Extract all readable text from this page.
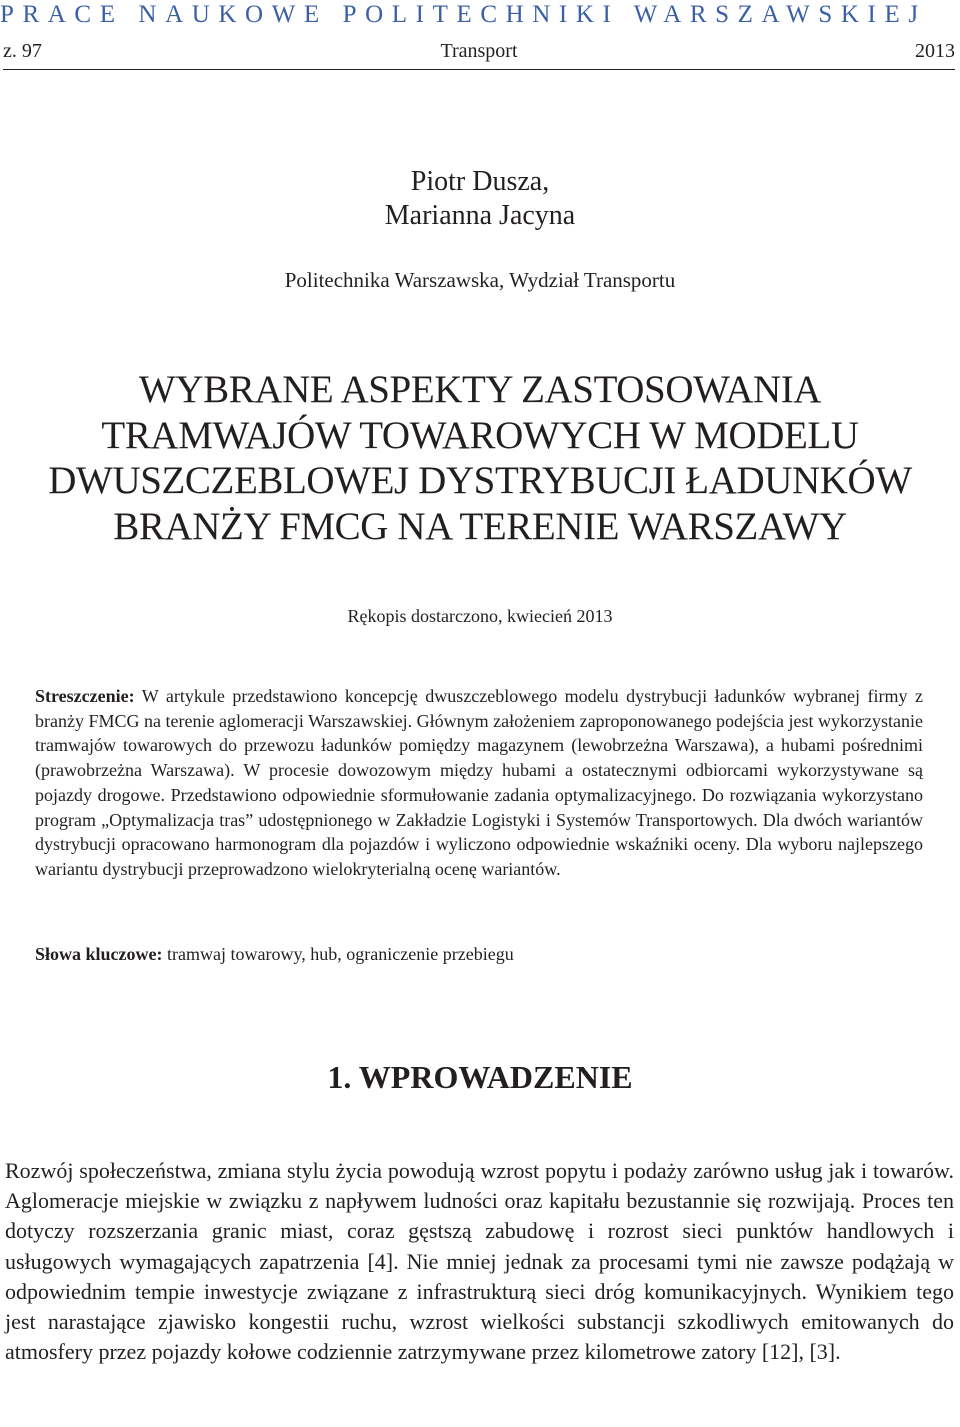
PRACE NAUKOWE POLITECHNIKI WARSZAWSKIEJ
z. 97	Transport	2013
Piotr Dusza,
Marianna Jacyna
Politechnika Warszawska, Wydział Transportu
WYBRANE ASPEKTY ZASTOSOWANIA
TRAMWAJÓW TOWAROWYCH W MODELU
DWUSZCZEBLOWEJ DYSTRYBUCJI ŁADUNKÓW
BRANŻY FMCG NA TERENIE WARSZAWY
Rękopis dostarczono, kwiecień 2013
Streszczenie: W artykule przedstawiono koncepcję dwuszczeblowego modelu dystrybucji ładunków wybranej firmy z branży FMCG na terenie aglomeracji Warszawskiej. Głównym założeniem zaproponowanego podejścia jest wykorzystanie tramwajów towarowych do przewozu ładunków pomiędzy magazynem (lewobrzeżna Warszawa), a hubami pośrednimi (prawobrzeżna Warszawa). W procesie dowozowym między hubami a ostatecznymi odbiorcami wykorzystywane są pojazdy drogowe. Przedstawiono odpowiednie sformułowanie zadania optymalizacyjnego. Do rozwiązania wykorzystano program „Optymalizacja tras” udostępnionego w Zakładzie Logistyki i Systemów Transportowych. Dla dwóch wariantów dystrybucji opracowano harmonogram dla pojazdów i wyliczono odpowiednie wskaźniki oceny. Dla wyboru najlepszego wariantu dystrybucji przeprowadzono wielokryterialną ocenę wariantów.
Słowa kluczowe: tramwaj towarowy, hub, ograniczenie przebiegu
1. WPROWADZENIE
Rozwój społeczeństwa, zmiana stylu życia powodują wzrost popytu i podaży zarówno usług jak i towarów. Aglomeracje miejskie w związku z napływem ludności oraz kapitału bezustannie się rozwijają. Proces ten dotyczy rozszerzania granic miast, coraz gęstszą zabudowę i rozrost sieci punktów handlowych i usługowych wymagających zapatrzenia [4]. Nie mniej jednak za procesami tymi nie zawsze podążają w odpowiednim tempie inwestycje związane z infrastrukturą sieci dróg komunikacyjnych. Wynikiem tego jest narastające zjawisko kongestii ruchu, wzrost wielkości substancji szkodliwych emitowanych do atmosfery przez pojazdy kołowe codziennie zatrzymywane przez kilometrowe zatory [12], [3].
